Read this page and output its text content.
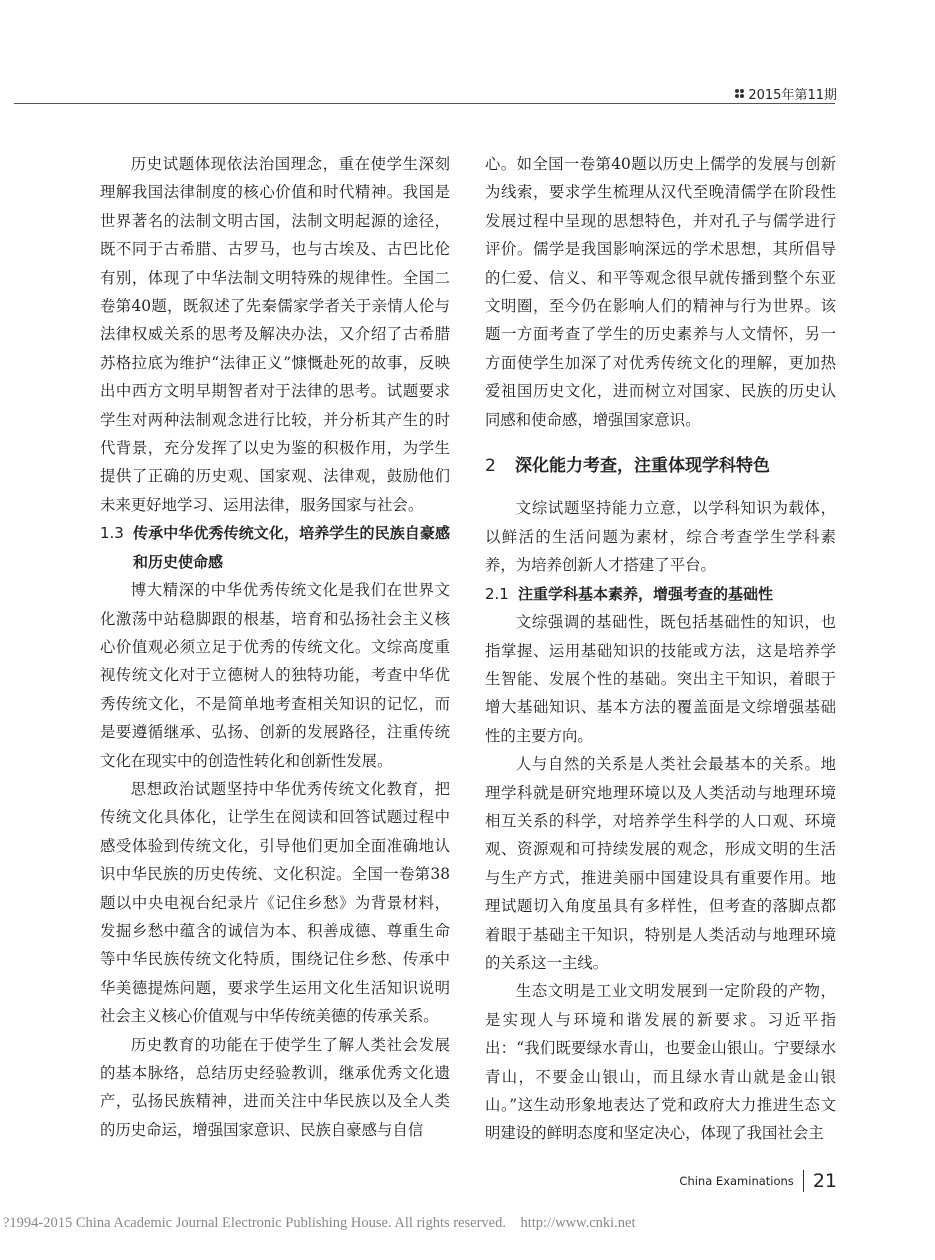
2015年第11期

历史试题体现依法治国理念，重在使学生深刻理解我国法律制度的核心价值和时代精神。我国是世界著名的法制文明古国，法制文明起源的途径，既不同于古希腊、古罗马，也与古埃及、古巴比伦有别，体现了中华法制文明特殊的规律性。全国二卷第40题，既叙述了先秦儒家学者关于亲情人伦与法律权威关系的思考及解决办法，又介绍了古希腊苏格拉底为维护“法律正义”慷慨赴死的故事，反映出中西方文明早期智者对于法律的思考。试题要求学生对两种法制观念进行比较，并分析其产生的时代背景，充分发挥了以史为鉴的积极作用，为学生提供了正确的历史观、国家观、法律观，鼓励他们未来更好地学习、运用法律，服务国家与社会。

1.3 传承中华优秀传统文化，培养学生的民族自豪感和历史使命感

博大精深的中华优秀传统文化是我们在世界文化激荡中站稳脚跟的根基，培育和弘扬社会主义核心价值观必须立足于优秀的传统文化。文综高度重视传统文化对于立德树人的独特功能，考查中华优秀传统文化，不是简单地考查相关知识的记忆，而是要遵循继承、弘扬、创新的发展路径，注重传统文化在现实中的创造性转化和创新性发展。

思想政治试题坚持中华优秀传统文化教育，把传统文化具体化，让学生在阅读和回答试题过程中感受体验到传统文化，引导他们更加全面准确地认识中华民族的历史传统、文化积淀。全国一卷第38题以中央电视台纪录片《记住乡愁》为背景材料，发掘乡愁中蕴含的诚信为本、积善成德、尊重生命等中华民族传统文化特质，围绕记住乡愁、传承中华美德提炼问题，要求学生运用文化生活知识说明社会主义核心价值观与中华传统美德的传承关系。

历史教育的功能在于使学生了解人类社会发展的基本脉络，总结历史经验教训，继承优秀文化遗产，弘扬民族精神，进而关注中华民族以及全人类的历史命运，增强国家意识、民族自豪感与自信

心。如全国一卷第40题以历史上儒学的发展与创新为线索，要求学生梳理从汉代至晚清儒学在阶段性发展过程中呈现的思想特色，并对孔子与儒学进行评价。儒学是我国影响深远的学术思想，其所倡导的仁爱、信义、和平等观念很早就传播到整个东亚文明圈，至今仍在影响人们的精神与行为世界。该题一方面考查了学生的历史素养与人文情怀，另一方面使学生加深了对优秀传统文化的理解，更加热爱祖国历史文化，进而树立对国家、民族的历史认同感和使命感，增强国家意识。

2	深化能力考查，注重体现学科特色

文综试题坚持能力立意，以学科知识为载体，以鲜活的生活问题为素材，综合考查学生学科素养，为培养创新人才搭建了平台。

2.1 注重学科基本素养，增强考查的基础性

文综强调的基础性，既包括基础性的知识，也指掌握、运用基础知识的技能或方法，这是培养学生智能、发展个性的基础。突出主干知识，着眼于增大基础知识、基本方法的覆盖面是文综增强基础性的主要方向。

人与自然的关系是人类社会最基本的关系。地理学科就是研究地理环境以及人类活动与地理环境相互关系的科学，对培养学生科学的人口观、环境观、资源观和可持续发展的观念，形成文明的生活与生产方式，推进美丽中国建设具有重要作用。地理试题切入角度虽具有多样性，但考查的落脚点都着眼于基础主干知识，特别是人类活动与地理环境的关系这一主线。

生态文明是工业文明发展到一定阶段的产物，是实现人与环境和谐发展的新要求。习近平指出：“我们既要绿水青山，也要金山银山。宁要绿水青山，不要金山银山，而且绿水青山就是金山银山。”这生动形象地表达了党和政府大力推进生态文明建设的鲜明态度和坚定决心，体现了我国社会主

China Examinations 21
?1994-2015 China Academic Journal Electronic Publishing House. All rights reserved.    http://www.cnki.net
